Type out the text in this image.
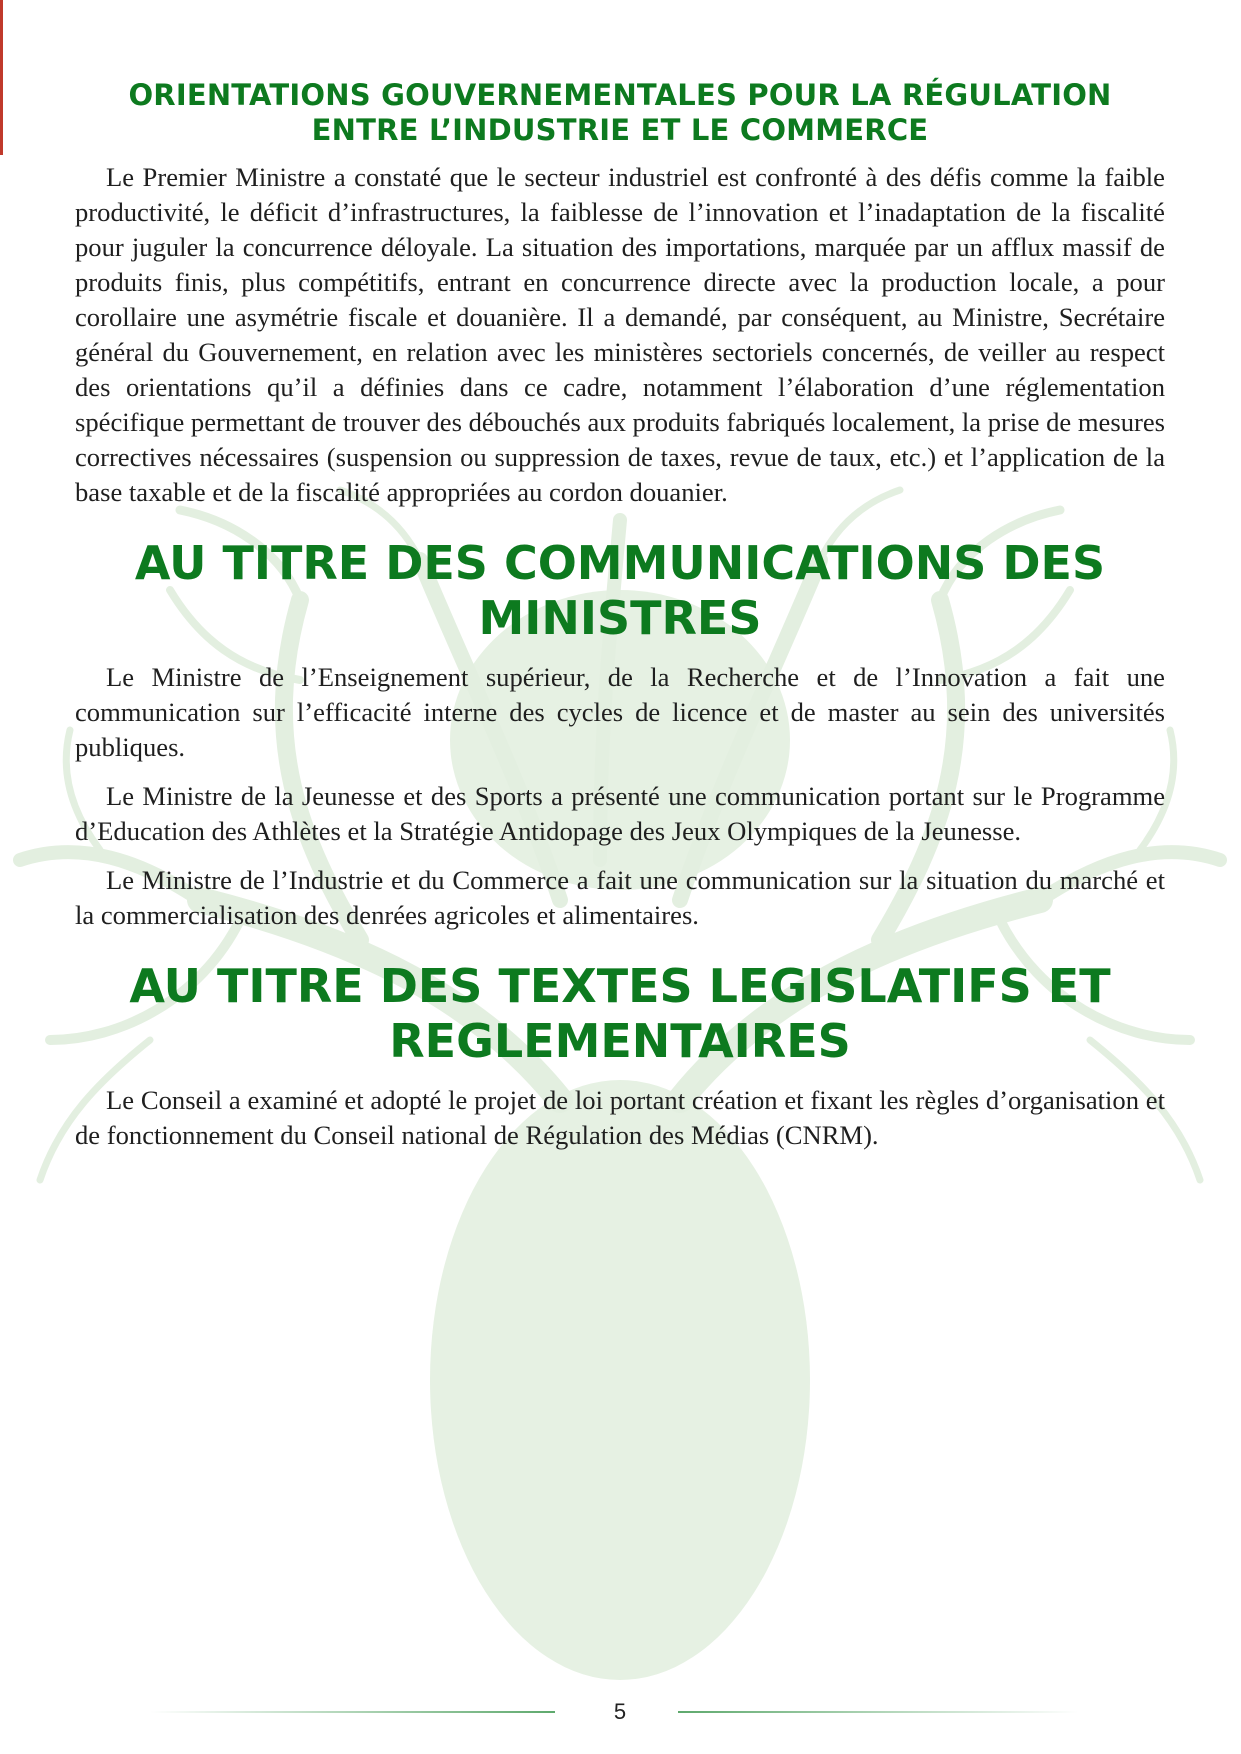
ORIENTATIONS GOUVERNEMENTALES POUR LA RÉGULATION ENTRE L’INDUSTRIE ET LE COMMERCE

Le Premier Ministre a constaté que le secteur industriel est confronté à des défis comme la faible productivité, le déficit d’infrastructures, la faiblesse de l’innovation et l’inadaptation de la fiscalité pour juguler la concurrence déloyale. La situation des importations, marquée par un afflux massif de produits finis, plus compétitifs, entrant en concurrence directe avec la production locale, a pour corollaire une asymétrie fiscale et douanière. Il a demandé, par conséquent, au Ministre, Secrétaire général du Gouvernement, en relation avec les ministères sectoriels concernés, de veiller au respect des orientations qu’il a définies dans ce cadre, notamment l’élaboration d’une réglementation spécifique permettant de trouver des débouchés aux produits fabriqués localement, la prise de mesures correctives nécessaires (suspension ou suppression de taxes, revue de taux, etc.) et l’application de la base taxable et de la fiscalité appropriées au cordon douanier.

AU TITRE DES COMMUNICATIONS DES MINISTRES

Le Ministre de l’Enseignement supérieur, de la Recherche et de l’Innovation a fait une communication sur l’efficacité interne des cycles de licence et de master au sein des universités publiques.

Le Ministre de la Jeunesse et des Sports a présenté une communication portant sur le Programme d’Education des Athlètes et la Stratégie Antidopage des Jeux Olympiques de la Jeunesse.

Le Ministre de l’Industrie et du Commerce a fait une communication sur la situation du marché et la commercialisation des denrées agricoles et alimentaires.

AU TITRE DES TEXTES LEGISLATIFS ET REGLEMENTAIRES

Le Conseil a examiné et adopté le projet de loi portant création et fixant les règles d’organisation et de fonctionnement du Conseil national de Régulation des Médias (CNRM).

5
